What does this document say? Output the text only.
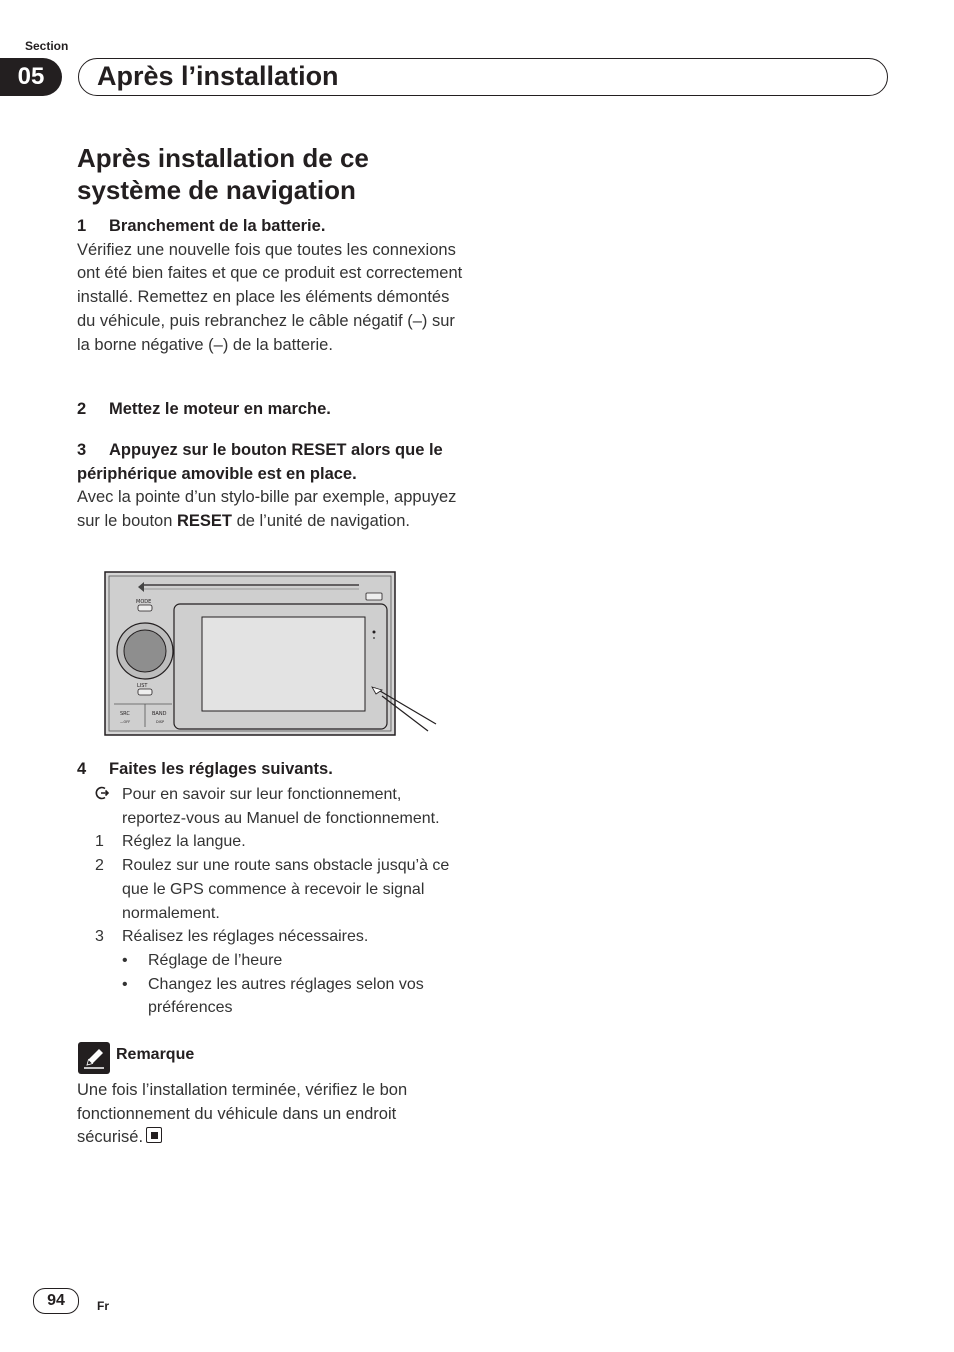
Section
05	Après l’installation
Après installation de ce système de navigation
1 Branchement de la batterie.
Vérifiez une nouvelle fois que toutes les connexions ont été bien faites et que ce produit est correctement installé. Remettez en place les éléments démontés du véhicule, puis rebranchez le câble négatif (–) sur la borne négative (–) de la batterie.
2 Mettez le moteur en marche.
3 Appuyez sur le bouton RESET alors que le périphérique amovible est en place.
Avec la pointe d’un stylo-bille par exemple, appuyez sur le bouton RESET de l’unité de navigation.
MODE
LIST
SRC	BAND
—OFF	DISP
4 Faites les réglages suivants.
Pour en savoir sur leur fonctionnement, reportez-vous au Manuel de fonctionnement.
1	Réglez la langue.
2	Roulez sur une route sans obstacle jusqu’à ce que le GPS commence à recevoir le signal normalement.
3	Réalisez les réglages nécessaires.
•	Réglage de l’heure
•	Changez les autres réglages selon vos préférences
Remarque
Une fois l’installation terminée, vérifiez le bon fonctionnement du véhicule dans un endroit sécurisé.
94	Fr
